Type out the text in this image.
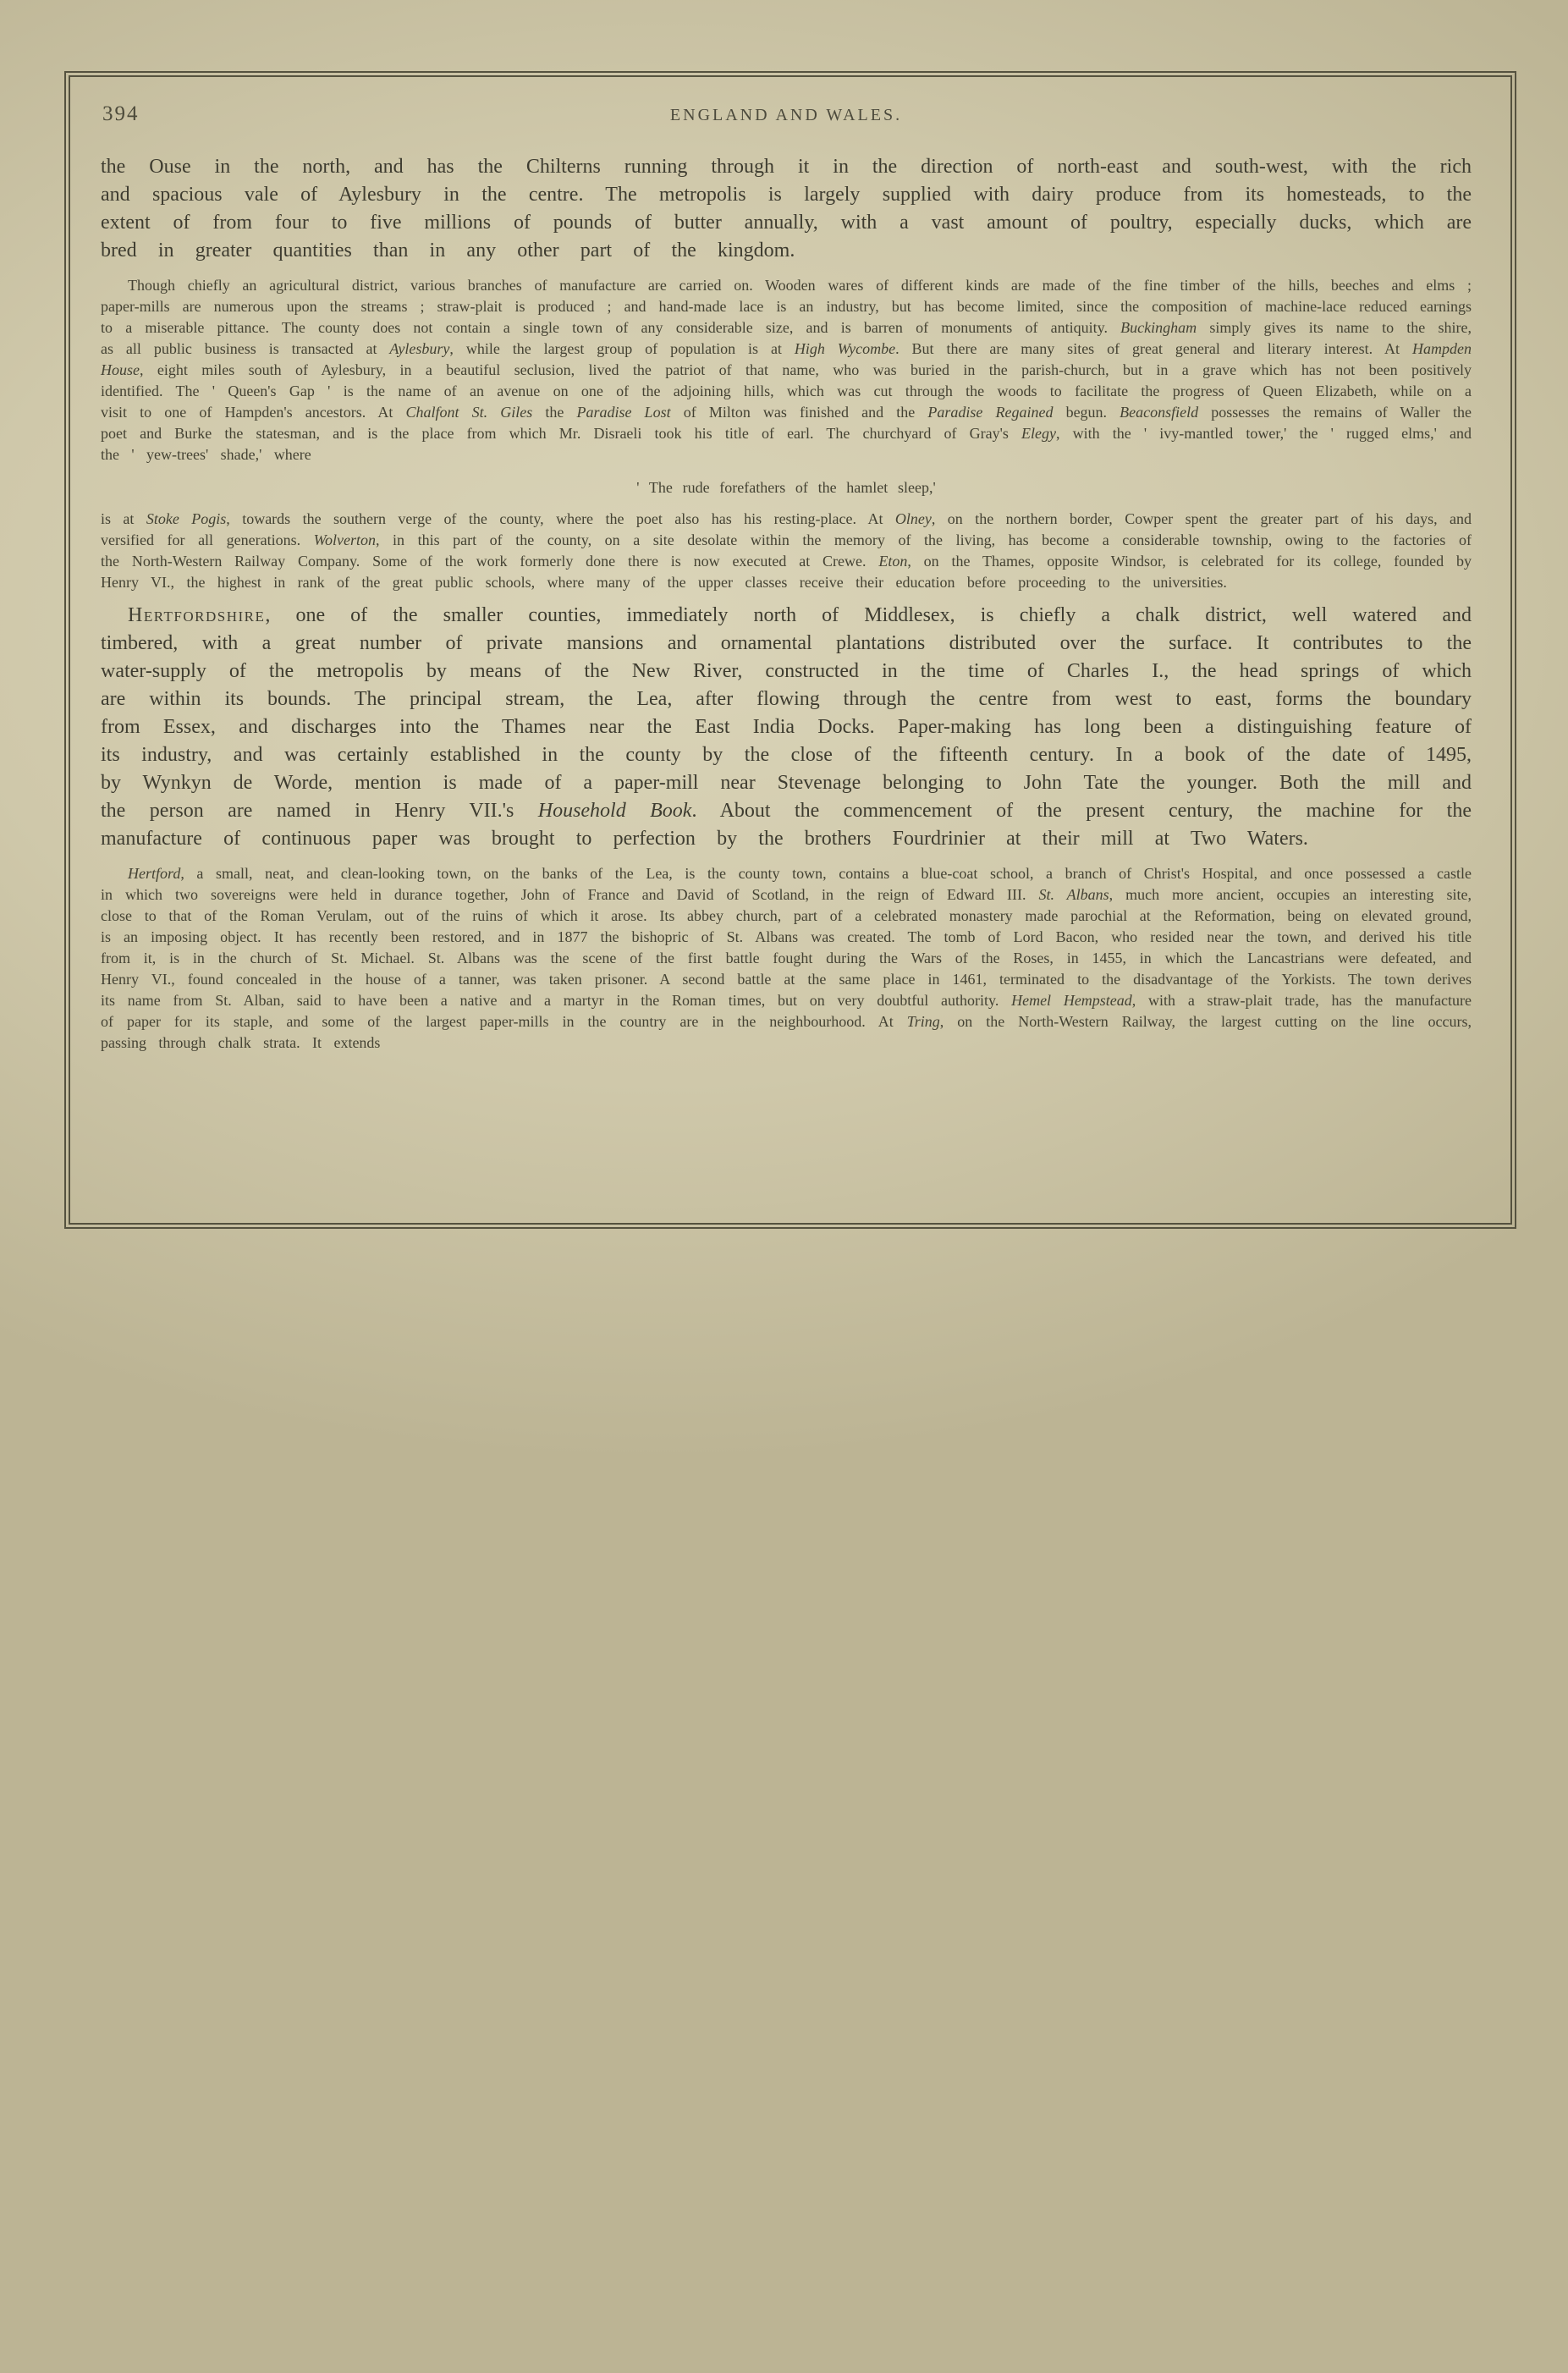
394	ENGLAND AND WALES.

the Ouse in the north, and has the Chilterns running through it in the direction of north-east and south-west, with the rich and spacious vale of Aylesbury in the centre. The metropolis is largely supplied with dairy produce from its homesteads, to the extent of from four to five millions of pounds of butter annually, with a vast amount of poultry, especially ducks, which are bred in greater quantities than in any other part of the kingdom.

Though chiefly an agricultural district, various branches of manufacture are carried on. Wooden wares of different kinds are made of the fine timber of the hills, beeches and elms ; paper-mills are numerous upon the streams ; straw-plait is produced ; and hand-made lace is an industry, but has become limited, since the composition of machine-lace reduced earnings to a miserable pittance. The county does not contain a single town of any considerable size, and is barren of monuments of antiquity. Buckingham simply gives its name to the shire, as all public business is transacted at Aylesbury, while the largest group of population is at High Wycombe. But there are many sites of great general and literary interest. At Hampden House, eight miles south of Aylesbury, in a beautiful seclusion, lived the patriot of that name, who was buried in the parish-church, but in a grave which has not been positively identified. The ' Queen's Gap ' is the name of an avenue on one of the adjoining hills, which was cut through the woods to facilitate the progress of Queen Elizabeth, while on a visit to one of Hampden's ancestors. At Chalfont St. Giles the Paradise Lost of Milton was finished and the Paradise Regained begun. Beaconsfield possesses the remains of Waller the poet and Burke the statesman, and is the place from which Mr. Disraeli took his title of earl. The churchyard of Gray's Elegy, with the ' ivy-mantled tower,' the ' rugged elms,' and the ' yew-trees' shade,' where

' The rude forefathers of the hamlet sleep,'

is at Stoke Pogis, towards the southern verge of the county, where the poet also has his resting-place. At Olney, on the northern border, Cowper spent the greater part of his days, and versified for all generations. Wolverton, in this part of the county, on a site desolate within the memory of the living, has become a considerable township, owing to the factories of the North-Western Railway Company. Some of the work formerly done there is now executed at Crewe. Eton, on the Thames, opposite Windsor, is celebrated for its college, founded by Henry VI., the highest in rank of the great public schools, where many of the upper classes receive their education before proceeding to the universities.

Hertfordshire, one of the smaller counties, immediately north of Middlesex, is chiefly a chalk district, well watered and timbered, with a great number of private mansions and ornamental plantations distributed over the surface. It contributes to the water-supply of the metropolis by means of the New River, constructed in the time of Charles I., the head springs of which are within its bounds. The principal stream, the Lea, after flowing through the centre from west to east, forms the boundary from Essex, and discharges into the Thames near the East India Docks. Paper-making has long been a distinguishing feature of its industry, and was certainly established in the county by the close of the fifteenth century. In a book of the date of 1495, by Wynkyn de Worde, mention is made of a paper-mill near Stevenage belonging to John Tate the younger. Both the mill and the person are named in Henry VII.'s Household Book. About the commencement of the present century, the machine for the manufacture of continuous paper was brought to perfection by the brothers Fourdrinier at their mill at Two Waters.

Hertford, a small, neat, and clean-looking town, on the banks of the Lea, is the county town, contains a blue-coat school, a branch of Christ's Hospital, and once possessed a castle in which two sovereigns were held in durance together, John of France and David of Scotland, in the reign of Edward III. St. Albans, much more ancient, occupies an interesting site, close to that of the Roman Verulam, out of the ruins of which it arose. Its abbey church, part of a celebrated monastery made parochial at the Reformation, being on elevated ground, is an imposing object. It has recently been restored, and in 1877 the bishopric of St. Albans was created. The tomb of Lord Bacon, who resided near the town, and derived his title from it, is in the church of St. Michael. St. Albans was the scene of the first battle fought during the Wars of the Roses, in 1455, in which the Lancastrians were defeated, and Henry VI., found concealed in the house of a tanner, was taken prisoner. A second battle at the same place in 1461, terminated to the disadvantage of the Yorkists. The town derives its name from St. Alban, said to have been a native and a martyr in the Roman times, but on very doubtful authority. Hemel Hempstead, with a straw-plait trade, has the manufacture of paper for its staple, and some of the largest paper-mills in the country are in the neighbourhood. At Tring, on the North-Western Railway, the largest cutting on the line occurs, passing through chalk strata. It extends
